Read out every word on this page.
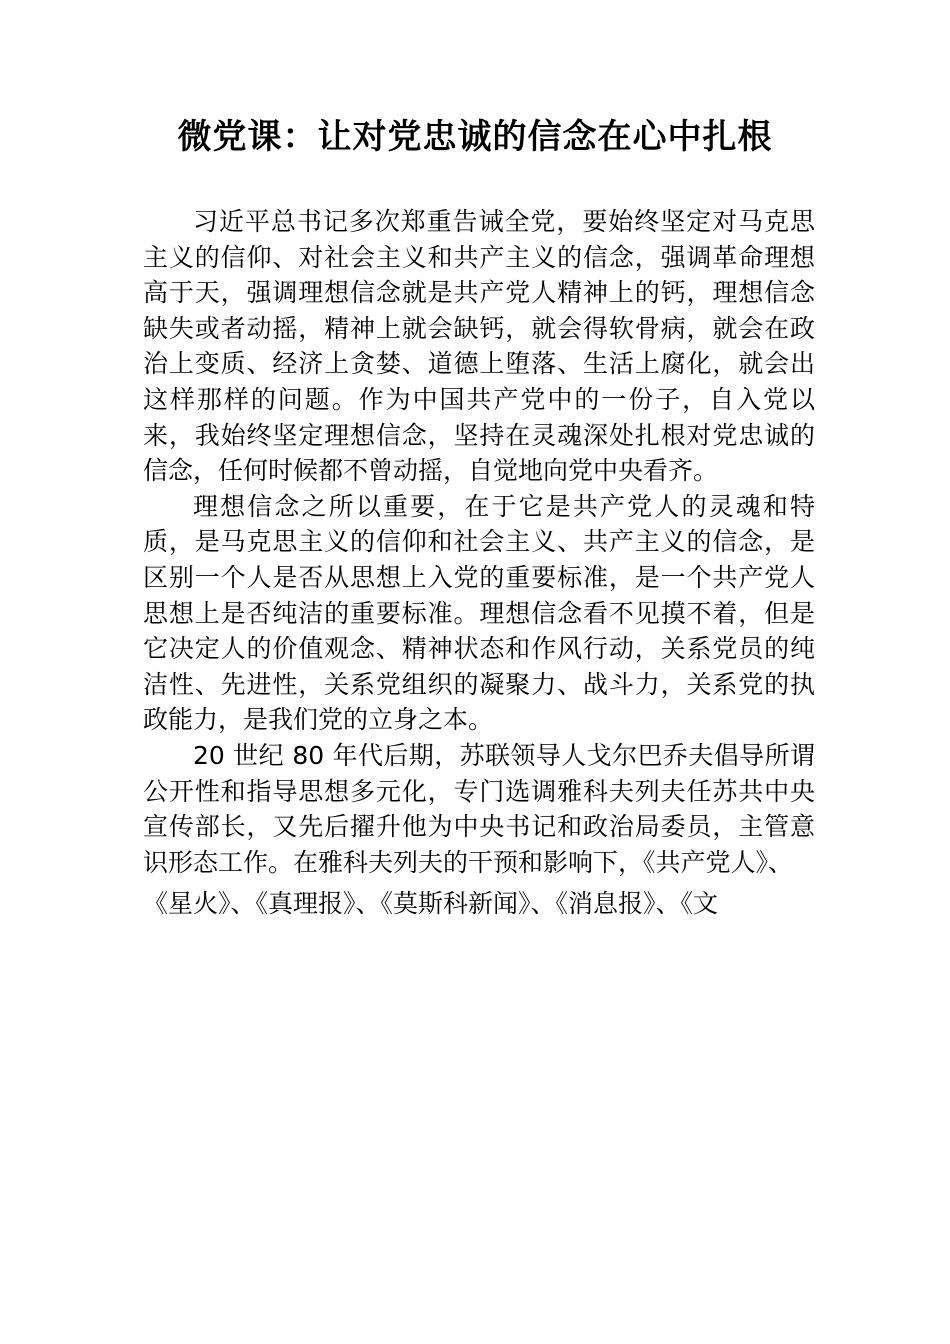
微党课：让对党忠诚的信念在心中扎根

习近平总书记多次郑重告诫全党，要始终坚定对马克思主义的信仰、对社会主义和共产主义的信念，强调革命理想高于天，强调理想信念就是共产党人精神上的钙，理想信念缺失或者动摇，精神上就会缺钙，就会得软骨病，就会在政治上变质、经济上贪婪、道德上堕落、生活上腐化，就会出这样那样的问题。作为中国共产党中的一份子，自入党以来，我始终坚定理想信念，坚持在灵魂深处扎根对党忠诚的信念，任何时候都不曾动摇，自觉地向党中央看齐。

理想信念之所以重要，在于它是共产党人的灵魂和特质，是马克思主义的信仰和社会主义、共产主义的信念，是区别一个人是否从思想上入党的重要标准，是一个共产党人思想上是否纯洁的重要标准。理想信念看不见摸不着，但是它决定人的价值观念、精神状态和作风行动，关系党员的纯洁性、先进性，关系党组织的凝聚力、战斗力，关系党的执政能力，是我们党的立身之本。

20 世纪 80 年代后期，苏联领导人戈尔巴乔夫倡导所谓公开性和指导思想多元化，专门选调雅科夫列夫任苏共中央宣传部长，又先后擢升他为中央书记和政治局委员，主管意识形态工作。在雅科夫列夫的干预和影响下，《共产党人》、

《星火》、《真理报》、《莫斯科新闻》、《消息报》、《文
